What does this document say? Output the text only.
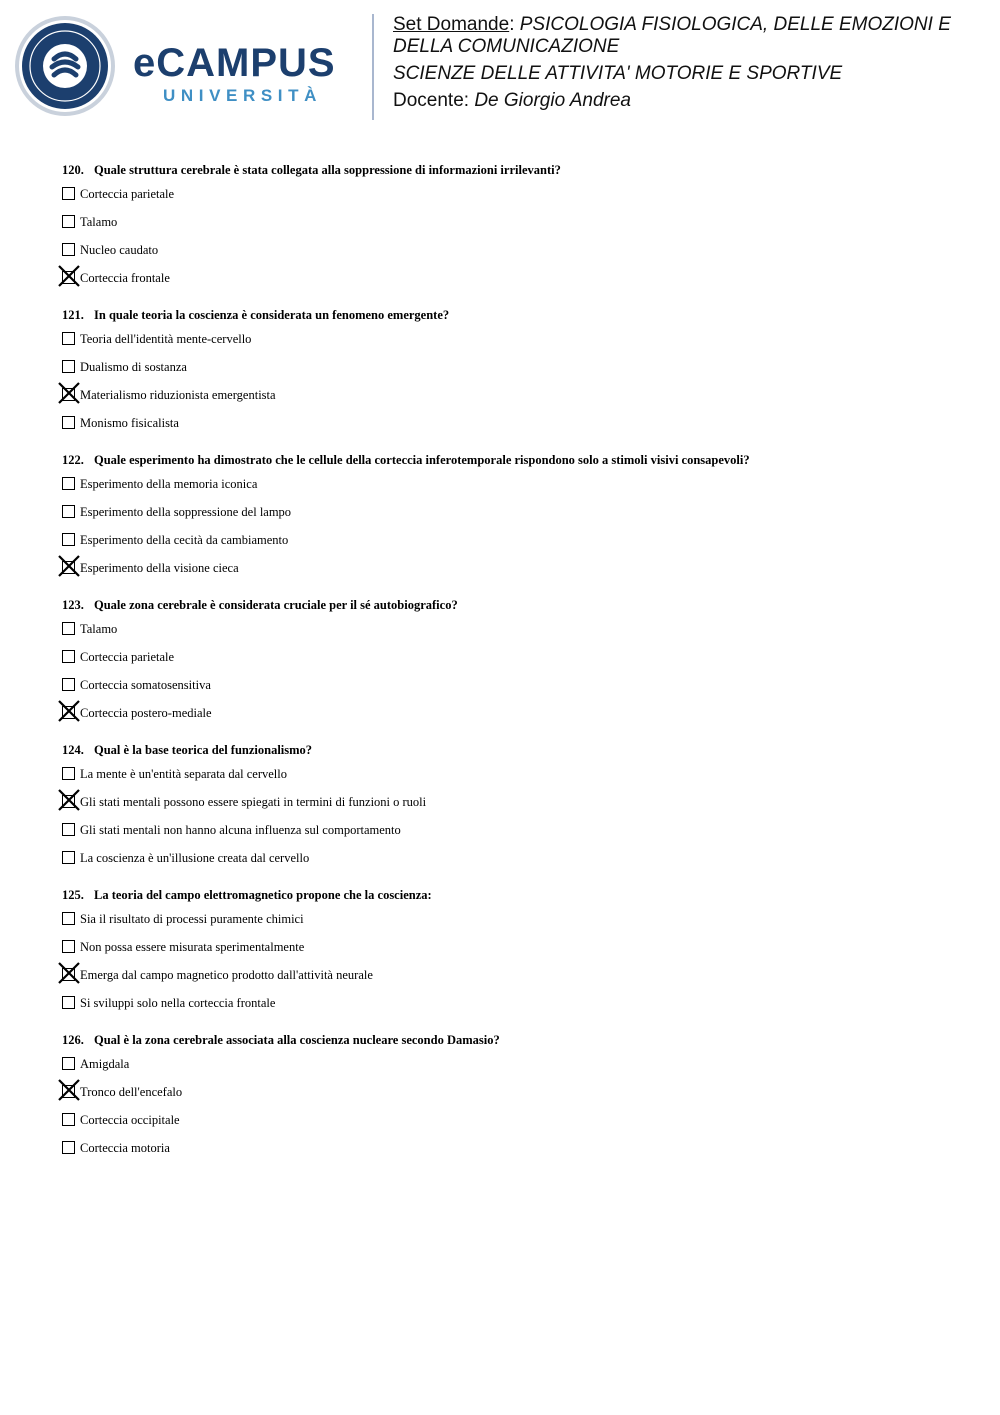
eCAMPUS
UNIVERSITÀ
Set Domande: PSICOLOGIA FISIOLOGICA, DELLE EMOZIONI E
DELLA COMUNICAZIONE
SCIENZE DELLE ATTIVITA' MOTORIE E SPORTIVE
Docente: De Giorgio Andrea
120. Quale struttura cerebrale è stata collegata alla soppressione di informazioni irrilevanti?
Corteccia parietale
Talamo
Nucleo caudato
Corteccia frontale
121. In quale teoria la coscienza è considerata un fenomeno emergente?
Teoria dell'identità mente-cervello
Dualismo di sostanza
Materialismo riduzionista emergentista
Monismo fisicalista
122. Quale esperimento ha dimostrato che le cellule della corteccia inferotemporale rispondono solo a stimoli visivi consapevoli?
Esperimento della memoria iconica
Esperimento della soppressione del lampo
Esperimento della cecità da cambiamento
Esperimento della visione cieca
123. Quale zona cerebrale è considerata cruciale per il sé autobiografico?
Talamo
Corteccia parietale
Corteccia somatosensitiva
Corteccia postero-mediale
124. Qual è la base teorica del funzionalismo?
La mente è un'entità separata dal cervello
Gli stati mentali possono essere spiegati in termini di funzioni o ruoli
Gli stati mentali non hanno alcuna influenza sul comportamento
La coscienza è un'illusione creata dal cervello
125. La teoria del campo elettromagnetico propone che la coscienza:
Sia il risultato di processi puramente chimici
Non possa essere misurata sperimentalmente
Emerga dal campo magnetico prodotto dall'attività neurale
Si sviluppi solo nella corteccia frontale
126. Qual è la zona cerebrale associata alla coscienza nucleare secondo Damasio?
Amigdala
Tronco dell'encefalo
Corteccia occipitale
Corteccia motoria
